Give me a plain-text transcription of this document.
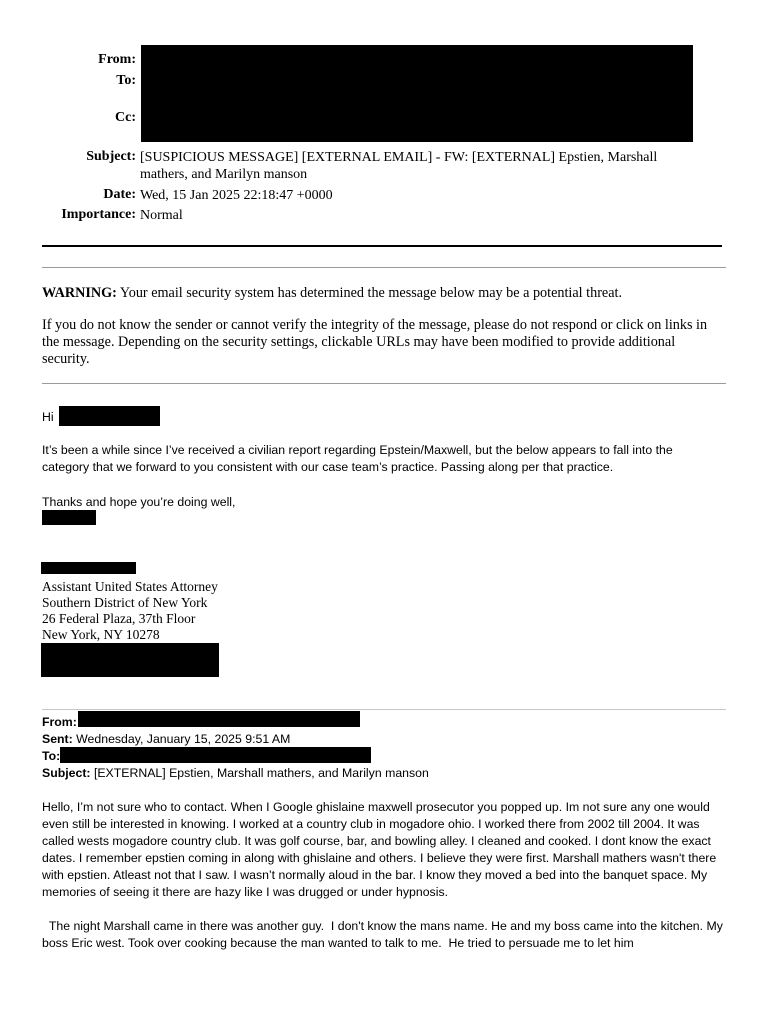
From:
To:
Cc:
Subject: [SUSPICIOUS MESSAGE] [EXTERNAL EMAIL] - FW: [EXTERNAL] Epstien, Marshall
mathers, and Marilyn manson
Date: Wed, 15 Jan 2025 22:18:47 +0000
Importance: Normal
WARNING: Your email security system has determined the message below may be a potential threat.
If you do not know the sender or cannot verify the integrity of the message, please do not respond or click on links in the message. Depending on the security settings, clickable URLs may have been modified to provide additional security.
Hi
It’s been a while since I’ve received a civilian report regarding Epstein/Maxwell, but the below appears to fall into the category that we forward to you consistent with our case team’s practice. Passing along per that practice.
Thanks and hope you’re doing well,
Assistant United States Attorney
Southern District of New York
26 Federal Plaza, 37th Floor
New York, NY 10278
From:
Sent: Wednesday, January 15, 2025 9:51 AM
To:
Subject: [EXTERNAL] Epstien, Marshall mathers, and Marilyn manson
Hello, I’m not sure who to contact. When I Google ghislaine maxwell prosecutor you popped up. Im not sure any one would even still be interested in knowing. I worked at a country club in mogadore ohio. I worked there from 2002 till 2004. It was called wests mogadore country club. It was golf course, bar, and bowling alley. I cleaned and cooked. I dont know the exact dates. I remember epstien coming in along with ghislaine and others. I believe they were first. Marshall mathers wasn't there with epstien. Atleast not that I saw. I wasn’t normally aloud in the bar. I know they moved a bed into the banquet space. My memories of seeing it there are hazy like I was drugged or under hypnosis.
The night Marshall came in there was another guy.  I don't know the mans name. He and my boss came into the kitchen. My boss Eric west. Took over cooking because the man wanted to talk to me.  He tried to persuade me to let him
